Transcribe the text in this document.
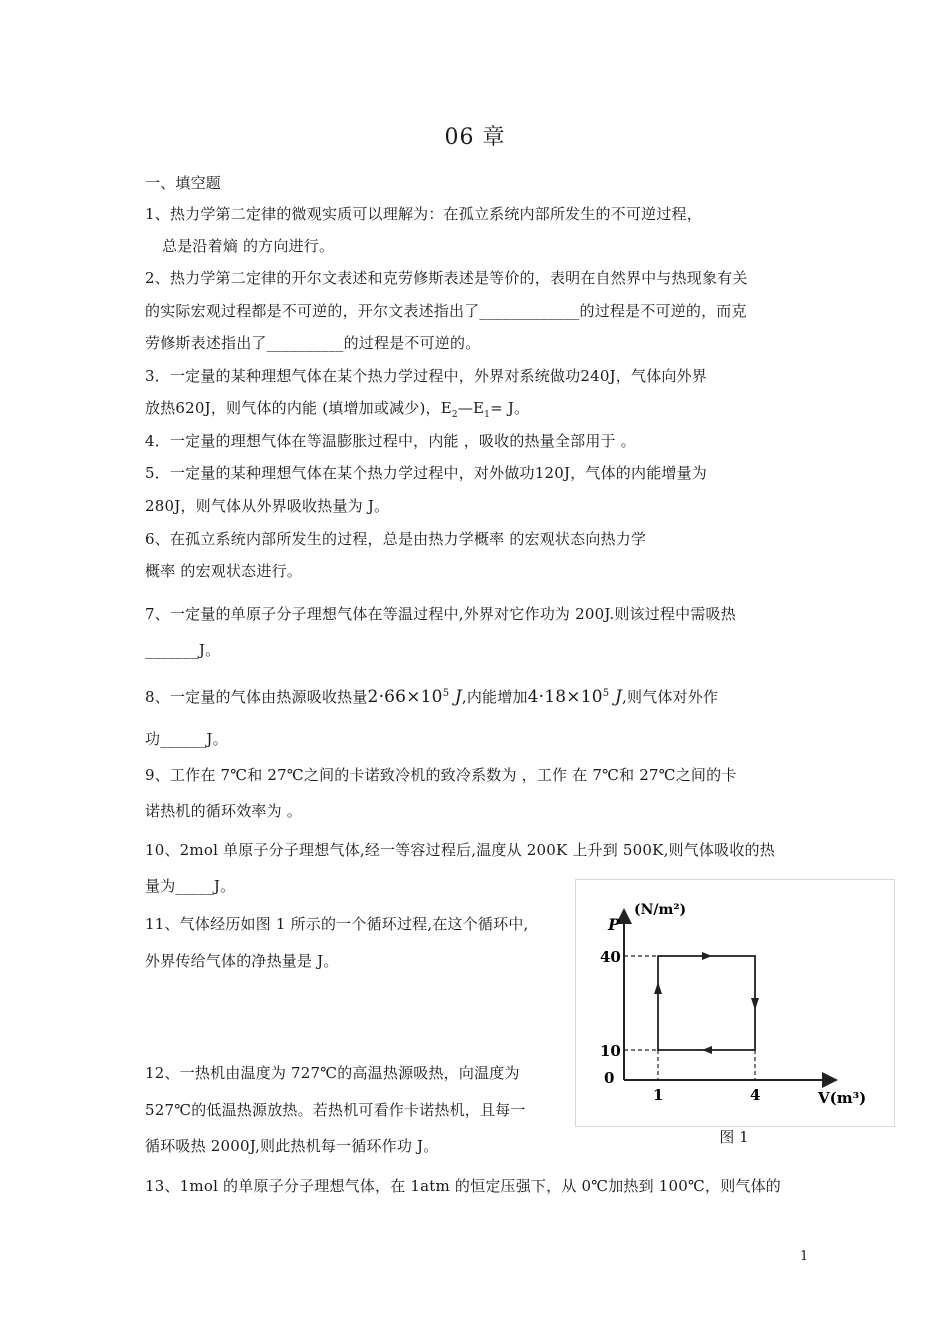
06 章
一、填空题
1、热力学第二定律的微观实质可以理解为：在孤立系统内部所发生的不可逆过程，
总是沿着熵 的方向进行。
2、热力学第二定律的开尔文表述和克劳修斯表述是等价的，表明在自然界中与热现象有关
的实际宏观过程都是不可逆的，开尔文表述指出了_____________的过程是不可逆的，而克
劳修斯表述指出了__________的过程是不可逆的。
3．一定量的某种理想气体在某个热力学过程中，外界对系统做功240J，气体向外界
放热620J，则气体的内能 (填增加或减少)，$E_2—E_1= J$。
4．一定量的理想气体在等温膨胀过程中，内能 ，吸收的热量全部用于 。
5．一定量的某种理想气体在某个热力学过程中，对外做功120J，气体的内能增量为
280J，则气体从外界吸收热量为 J。
6、在孤立系统内部所发生的过程，总是由热力学概率 的宏观状态向热力学
概率 的宏观状态进行。
7、一定量的单原子分子理想气体在等温过程中,外界对它作功为 200J.则该过程中需吸热
_______J。
8、一定量的气体由热源吸收热量$2\cdot 66\times 10^5$ J,内能增加$4\cdot 18\times 10^5$ J,则气体对外作
功______J。
9、工作在 7℃和 27℃之间的卡诺致冷机的致冷系数为 ，工作 在 7℃和 27℃之间的卡
诺热机的循环效率为 。
10、2mol 单原子分子理想气体,经一等容过程后,温度从 200K 上升到 500K,则气体吸收的热
量为_____J。
11、气体经历如图 1 所示的一个循环过程,在这个循环中,
外界传给气体的净热量是 J。
12、一热机由温度为 727℃的高温热源吸热，向温度为
527℃的低温热源放热。若热机可看作卡诺热机，且每一
循环吸热 2000J,则此热机每一循环作功 J。
13、1mol 的单原子分子理想气体，在 1atm 的恒定压强下，从 0℃加热到 100℃，则气体的
P
(N/m²)
40
10
0
1	4	V(m³)
图 1
1
